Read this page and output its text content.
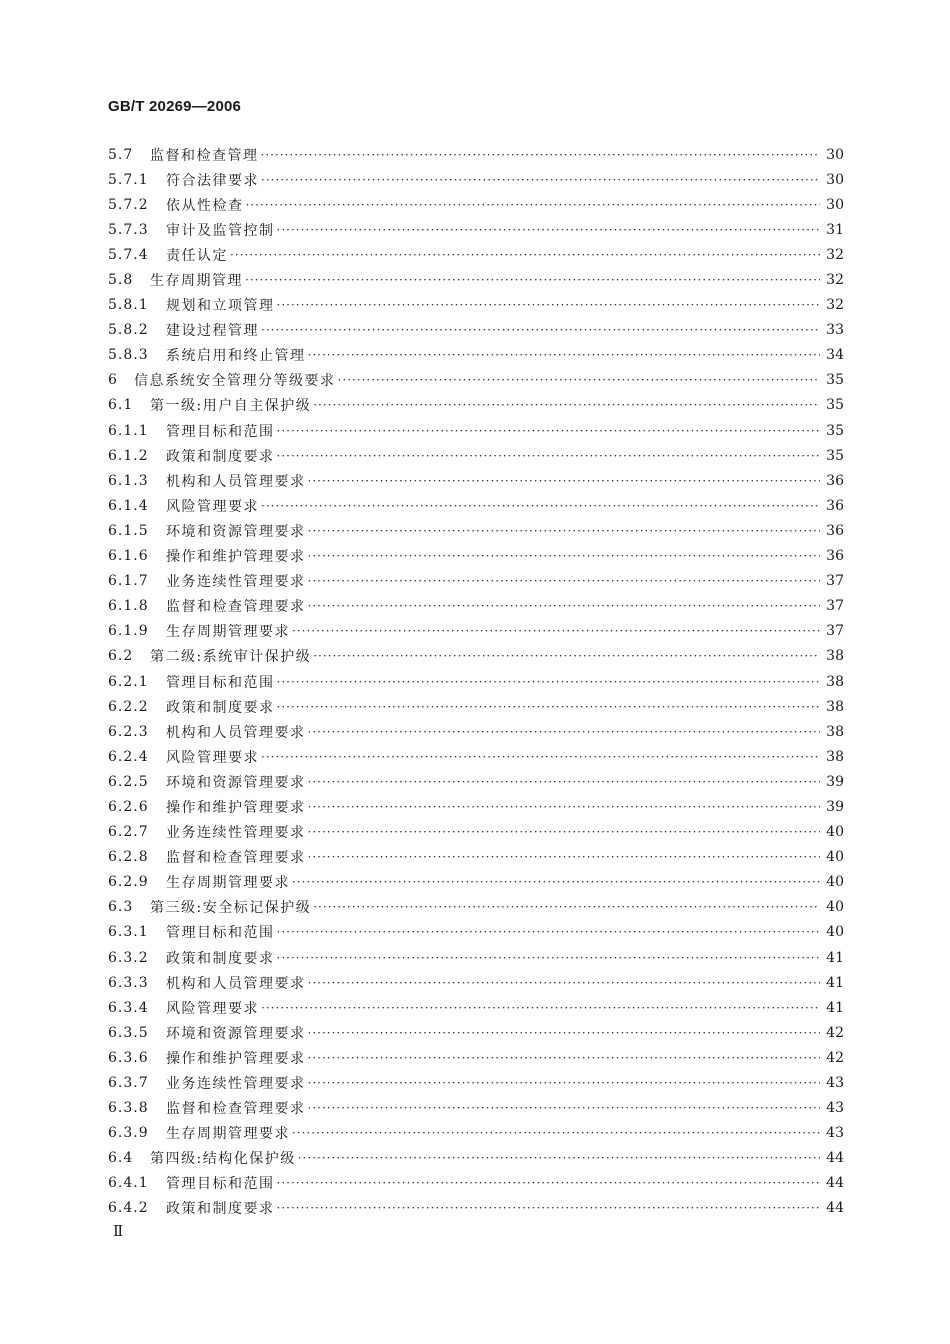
GB/T 20269—2006
5.7	监督和检查管理 ·····	30
5.7.1	符合法律要求 ·····	30
5.7.2	依从性检查 ·····	30
5.7.3	审计及监管控制 ·····	31
5.7.4	责任认定 ·····	32
5.8	生存周期管理 ·····	32
5.8.1	规划和立项管理 ·····	32
5.8.2	建设过程管理 ·····	33
5.8.3	系统启用和终止管理 ·····	34
6	信息系统安全管理分等级要求 ·····	35
6.1	第一级:用户自主保护级 ·····	35
6.1.1	管理目标和范围 ·····	35
6.1.2	政策和制度要求 ·····	35
6.1.3	机构和人员管理要求 ·····	36
6.1.4	风险管理要求 ·····	36
6.1.5	环境和资源管理要求 ·····	36
6.1.6	操作和维护管理要求 ·····	36
6.1.7	业务连续性管理要求 ·····	37
6.1.8	监督和检查管理要求 ·····	37
6.1.9	生存周期管理要求 ·····	37
6.2	第二级:系统审计保护级 ·····	38
6.2.1	管理目标和范围 ·····	38
6.2.2	政策和制度要求 ·····	38
6.2.3	机构和人员管理要求 ·····	38
6.2.4	风险管理要求 ·····	38
6.2.5	环境和资源管理要求 ·····	39
6.2.6	操作和维护管理要求 ·····	39
6.2.7	业务连续性管理要求 ·····	40
6.2.8	监督和检查管理要求 ·····	40
6.2.9	生存周期管理要求 ·····	40
6.3	第三级:安全标记保护级 ·····	40
6.3.1	管理目标和范围 ·····	40
6.3.2	政策和制度要求 ·····	41
6.3.3	机构和人员管理要求 ·····	41
6.3.4	风险管理要求 ·····	41
6.3.5	环境和资源管理要求 ·····	42
6.3.6	操作和维护管理要求 ·····	42
6.3.7	业务连续性管理要求 ·····	43
6.3.8	监督和检查管理要求 ·····	43
6.3.9	生存周期管理要求 ·····	43
6.4	第四级:结构化保护级 ·····	44
6.4.1	管理目标和范围 ·····	44
6.4.2	政策和制度要求 ·····	44
Ⅱ
